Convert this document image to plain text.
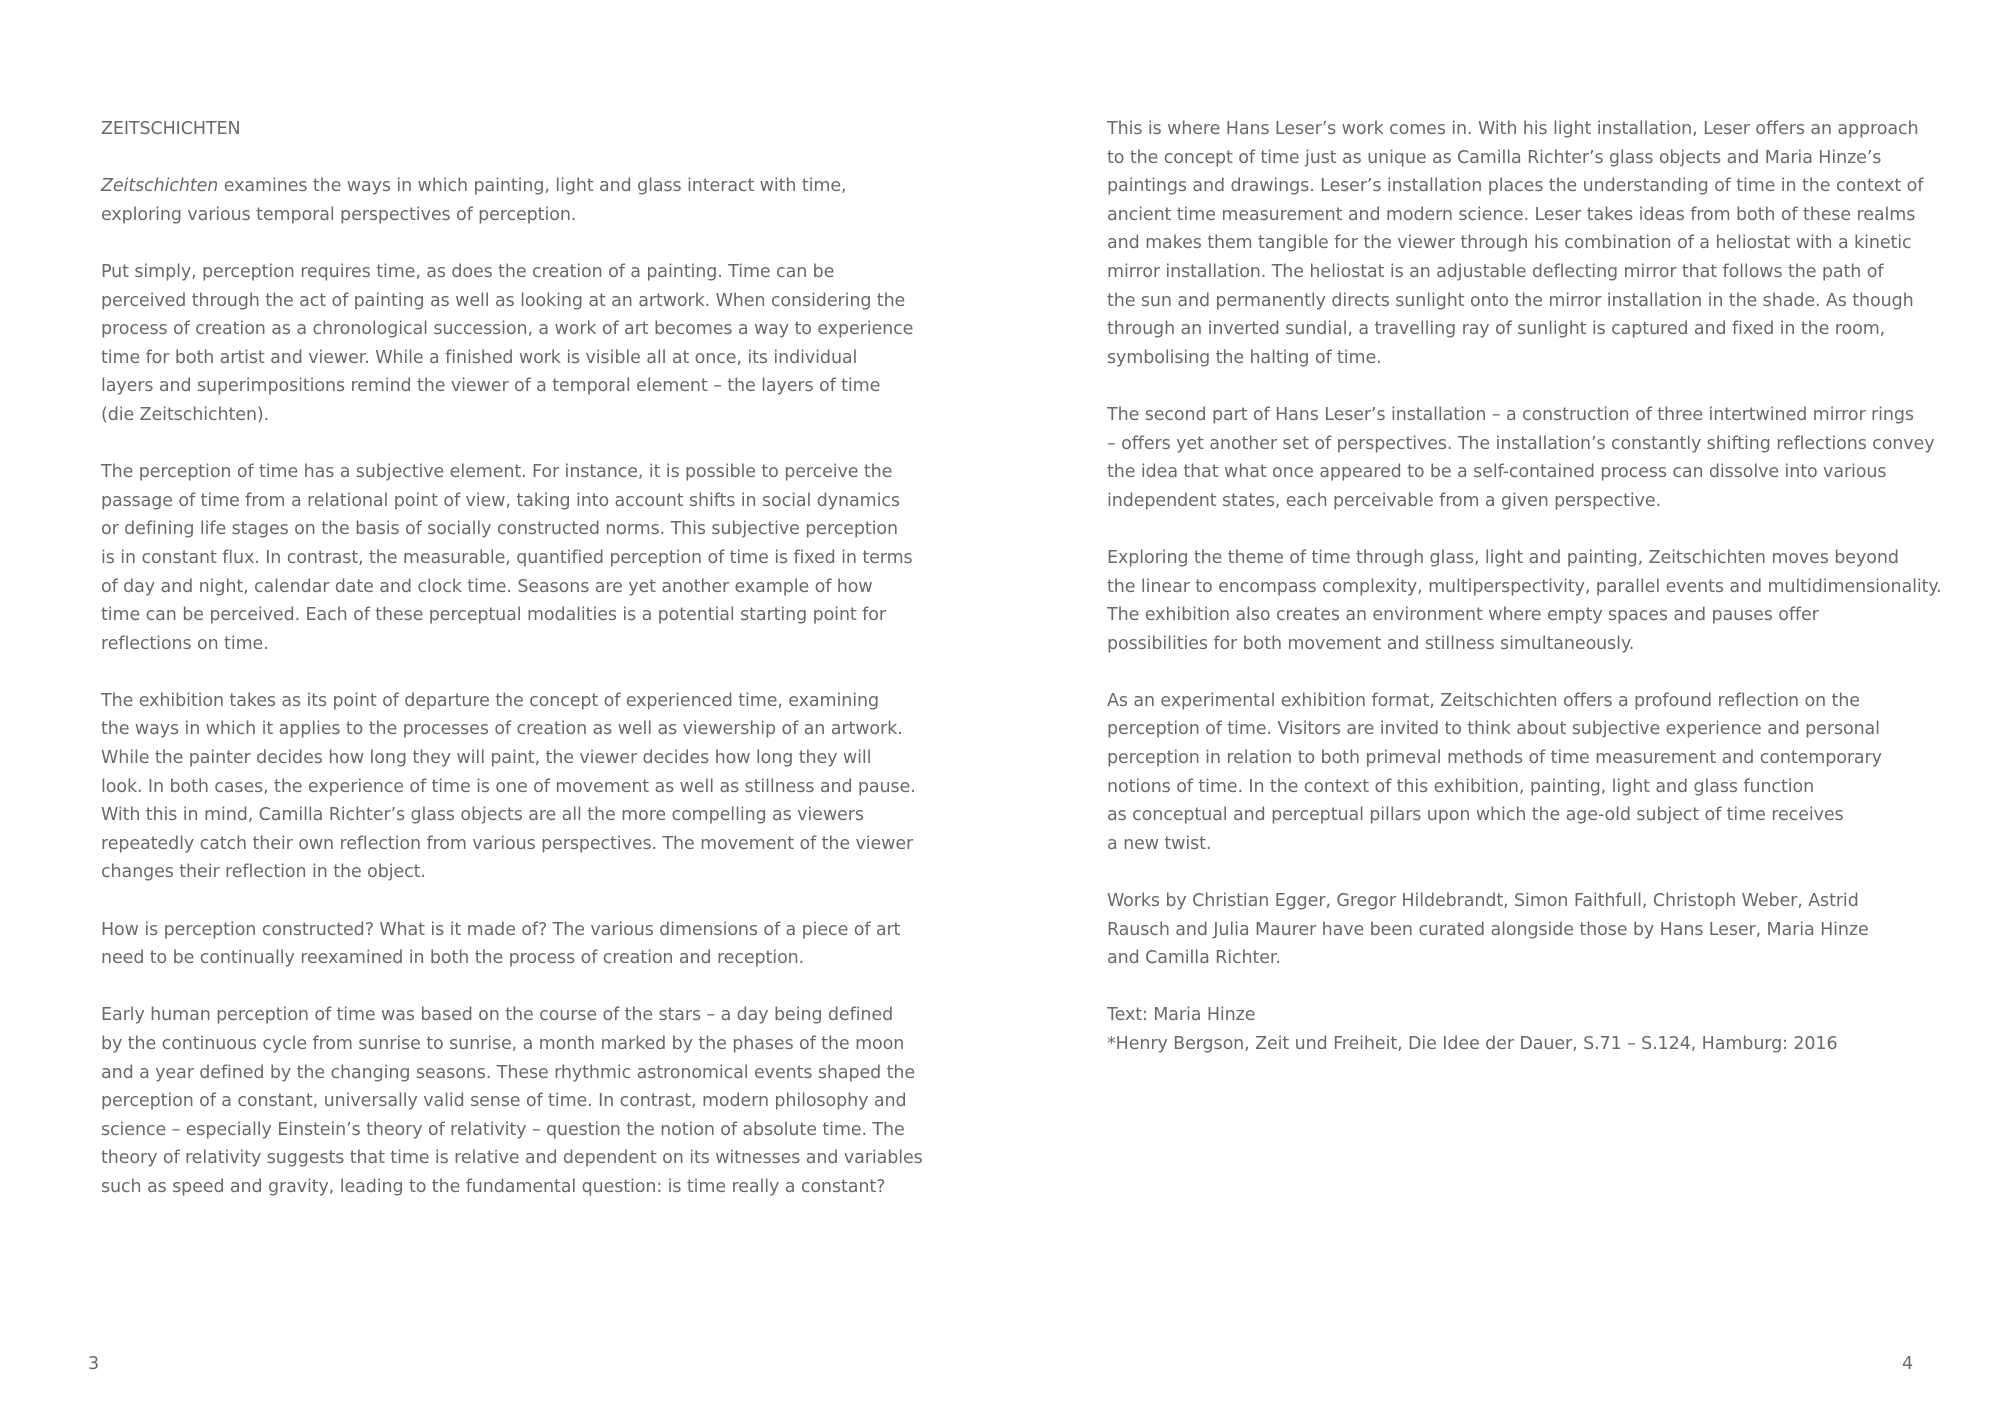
ZEITSCHICHTEN

Zeitschichten examines the ways in which painting, light and glass interact with time,
exploring various temporal perspectives of perception.

Put simply, perception requires time, as does the creation of a painting. Time can be
perceived through the act of painting as well as looking at an artwork. When considering the
process of creation as a chronological succession, a work of art becomes a way to experience
time for both artist and viewer. While a finished work is visible all at once, its individual
layers and superimpositions remind the viewer of a temporal element – the layers of time
(die Zeitschichten).

The perception of time has a subjective element. For instance, it is possible to perceive the
passage of time from a relational point of view, taking into account shifts in social dynamics
or defining life stages on the basis of socially constructed norms. This subjective perception
is in constant flux. In contrast, the measurable, quantified perception of time is fixed in terms
of day and night, calendar date and clock time. Seasons are yet another example of how
time can be perceived. Each of these perceptual modalities is a potential starting point for
reflections on time.

The exhibition takes as its point of departure the concept of experienced time, examining
the ways in which it applies to the processes of creation as well as viewership of an artwork.
While the painter decides how long they will paint, the viewer decides how long they will
look. In both cases, the experience of time is one of movement as well as stillness and pause.
With this in mind, Camilla Richter’s glass objects are all the more compelling as viewers
repeatedly catch their own reflection from various perspectives. The movement of the viewer
changes their reflection in the object.

How is perception constructed? What is it made of? The various dimensions of a piece of art
need to be continually reexamined in both the process of creation and reception.

Early human perception of time was based on the course of the stars – a day being defined
by the continuous cycle from sunrise to sunrise, a month marked by the phases of the moon
and a year defined by the changing seasons. These rhythmic astronomical events shaped the
perception of a constant, universally valid sense of time. In contrast, modern philosophy and
science – especially Einstein’s theory of relativity – question the notion of absolute time. The
theory of relativity suggests that time is relative and dependent on its witnesses and variables
such as speed and gravity, leading to the fundamental question: is time really a constant?

3

This is where Hans Leser’s work comes in. With his light installation, Leser offers an approach
to the concept of time just as unique as Camilla Richter’s glass objects and Maria Hinze’s
paintings and drawings. Leser’s installation places the understanding of time in the context of
ancient time measurement and modern science. Leser takes ideas from both of these realms
and makes them tangible for the viewer through his combination of a heliostat with a kinetic
mirror installation. The heliostat is an adjustable deflecting mirror that follows the path of
the sun and permanently directs sunlight onto the mirror installation in the shade. As though
through an inverted sundial, a travelling ray of sunlight is captured and fixed in the room,
symbolising the halting of time.

The second part of Hans Leser’s installation – a construction of three intertwined mirror rings
– offers yet another set of perspectives. The installation’s constantly shifting reflections convey
the idea that what once appeared to be a self-contained process can dissolve into various
independent states, each perceivable from a given perspective.

Exploring the theme of time through glass, light and painting, Zeitschichten moves beyond
the linear to encompass complexity, multiperspectivity, parallel events and multidimensionality.
The exhibition also creates an environment where empty spaces and pauses offer
possibilities for both movement and stillness simultaneously.

As an experimental exhibition format, Zeitschichten offers a profound reflection on the
perception of time. Visitors are invited to think about subjective experience and personal
perception in relation to both primeval methods of time measurement and contemporary
notions of time. In the context of this exhibition, painting, light and glass function
as conceptual and perceptual pillars upon which the age-old subject of time receives
a new twist.

Works by Christian Egger, Gregor Hildebrandt, Simon Faithfull, Christoph Weber, Astrid
Rausch and Julia Maurer have been curated alongside those by Hans Leser, Maria Hinze
and Camilla Richter.

Text: Maria Hinze
*Henry Bergson, Zeit und Freiheit, Die Idee der Dauer, S.71 – S.124, Hamburg: 2016

4
